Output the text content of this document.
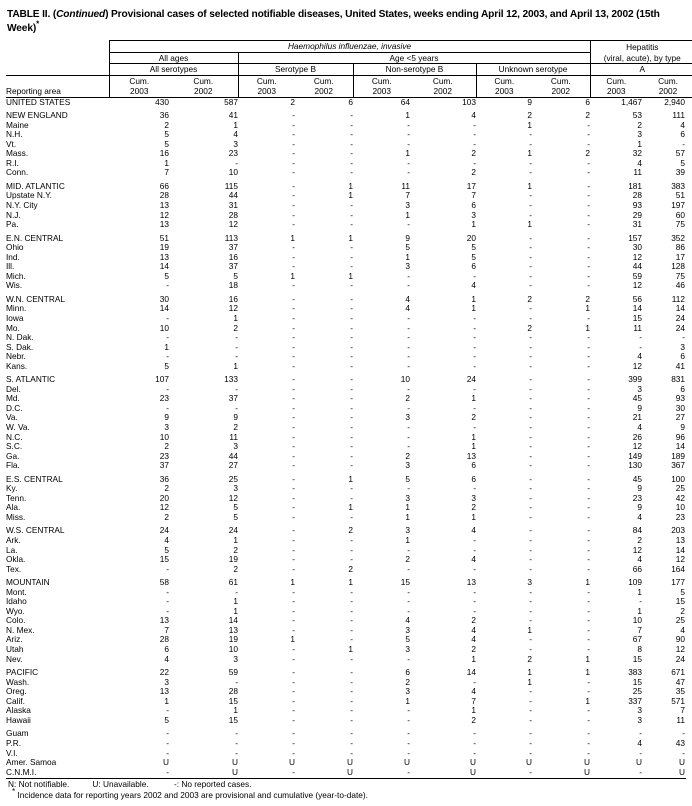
TABLE II. (Continued) Provisional cases of selected notifiable diseases, United States, weeks ending April 12, 2003, and April 13, 2002 (15th Week)*
	Haemophilus influenzae, invasive								Hepatitis	
	All ages		Age <5 years						(viral, acute), by type	
	All serotypes		Serotype B		Non-serotype B		Unknown serotype		A	
	Cum.	Cum.	Cum.	Cum.	Cum.	Cum.	Cum.	Cum.	Cum.	Cum.
Reporting area	2003	2002	2003	2002	2003	2002	2003	2002	2003	2002
UNITED STATES	430	587	2	6	64	103	9	6	1,467	2,940

NEW ENGLAND	36	41	-	-	1	4	2	2	53	111
Maine	2	1	-	-	-	-	1	-	2	4
N.H.	5	4	-	-	-	-	-	-	3	6
Vt.	5	3	-	-	-	-	-	-	1	-
Mass.	16	23	-	-	1	2	1	2	32	57
R.I.	1	-	-	-	-	-	-	-	4	5
Conn.	7	10	-	-	-	2	-	-	11	39

MID. ATLANTIC	66	115	-	1	11	17	1	-	181	383
Upstate N.Y.	28	44	-	1	7	7	-	-	28	51
N.Y. City	13	31	-	-	3	6	-	-	93	197
N.J.	12	28	-	-	1	3	-	-	29	60
Pa.	13	12	-	-	-	1	1	-	31	75

E.N. CENTRAL	51	113	1	1	9	20	-	-	157	352
Ohio	19	37	-	-	5	5	-	-	30	86
Ind.	13	16	-	-	1	5	-	-	12	17
Ill.	14	37	-	-	3	6	-	-	44	128
Mich.	5	5	1	1	-	-	-	-	59	75
Wis.	-	18	-	-	-	4	-	-	12	46

W.N. CENTRAL	30	16	-	-	4	1	2	2	56	112
Minn.	14	12	-	-	4	1	-	1	14	14
Iowa	-	1	-	-	-	-	-	-	15	24
Mo.	10	2	-	-	-	-	2	1	11	24
N. Dak.	-	-	-	-	-	-	-	-	-	-
S. Dak.	1	-	-	-	-	-	-	-	-	3
Nebr.	-	-	-	-	-	-	-	-	4	6
Kans.	5	1	-	-	-	-	-	-	12	41

S. ATLANTIC	107	133	-	-	10	24	-	-	399	831
Del.	-	-	-	-	-	-	-	-	3	6
Md.	23	37	-	-	2	1	-	-	45	93
D.C.	-	-	-	-	-	-	-	-	9	30
Va.	9	9	-	-	3	2	-	-	21	27
W. Va.	3	2	-	-	-	-	-	-	4	9
N.C.	10	11	-	-	-	1	-	-	26	96
S.C.	2	3	-	-	-	1	-	-	12	14
Ga.	23	44	-	-	2	13	-	-	149	189
Fla.	37	27	-	-	3	6	-	-	130	367

E.S. CENTRAL	36	25	-	1	5	6	-	-	45	100
Ky.	2	3	-	-	-	-	-	-	9	25
Tenn.	20	12	-	-	3	3	-	-	23	42
Ala.	12	5	-	1	1	2	-	-	9	10
Miss.	2	5	-	-	1	1	-	-	4	23

W.S. CENTRAL	24	24	-	2	3	4	-	-	84	203
Ark.	4	1	-	-	1	-	-	-	2	13
La.	5	2	-	-	-	-	-	-	12	14
Okla.	15	19	-	-	2	4	-	-	4	12
Tex.	-	2	-	2	-	-	-	-	66	164

MOUNTAIN	58	61	1	1	15	13	3	1	109	177
Mont.	-	-	-	-	-	-	-	-	1	5
Idaho	-	1	-	-	-	-	-	-	-	15
Wyo.	-	1	-	-	-	-	-	-	1	2
Colo.	13	14	-	-	4	2	-	-	10	25
N. Mex.	7	13	-	-	3	4	1	-	7	4
Ariz.	28	19	1	-	5	4	-	-	67	90
Utah	6	10	-	1	3	2	-	-	8	12
Nev.	4	3	-	-	-	1	2	1	15	24

PACIFIC	22	59	-	-	6	14	1	1	383	671
Wash.	3	-	-	-	2	-	1	-	15	47
Oreg.	13	28	-	-	3	4	-	-	25	35
Calif.	1	15	-	-	1	7	-	1	337	571
Alaska	-	1	-	-	-	1	-	-	3	7
Hawaii	5	15	-	-	-	2	-	-	3	11

Guam	-	-	-	-	-	-	-	-	-	-
P.R.	-	-	-	-	-	-	-	-	4	43
V.I.	-	-	-	-	-	-	-	-	-	-
Amer. Samoa	U	U	U	U	U	U	U	U	U	U
C.N.M.I.	-	U	-	U	-	U	-	U	-	U
N: Not notifiable.          U: Unavailable.           -: No reported cases.
* Incidence data for reporting years 2002 and 2003 are provisional and cumulative (year-to-date).
